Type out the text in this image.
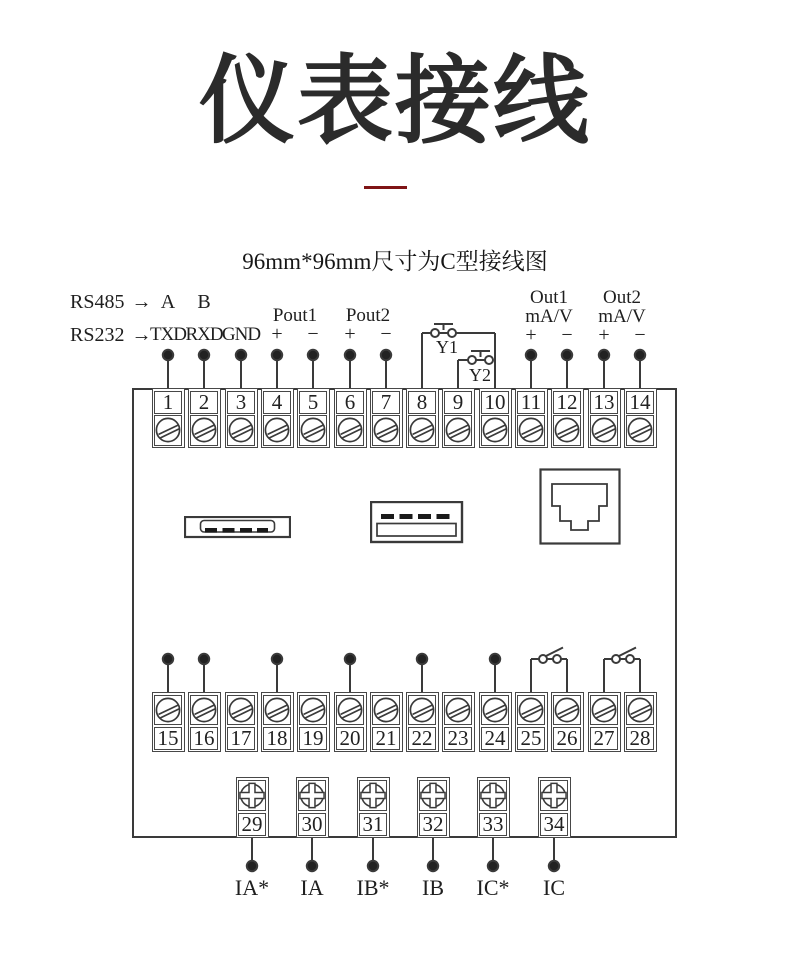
仪表接线
96mm*96mm尺寸为C型接线图
RS485 →
RS232 →
A B
TXD RXD GND
Pout1 Pout2
+ − + −
Y1
Y2
Out1 Out2
mA/V mA/V
+ − + −
1	2	3	4	5	6	7	8	9	10 11 12 13 14
15 16 17 18 19 20 21 22 23 24 25 26 27 28
29 30 31 32 33 34
IA* IA IB* IB IC* IC
